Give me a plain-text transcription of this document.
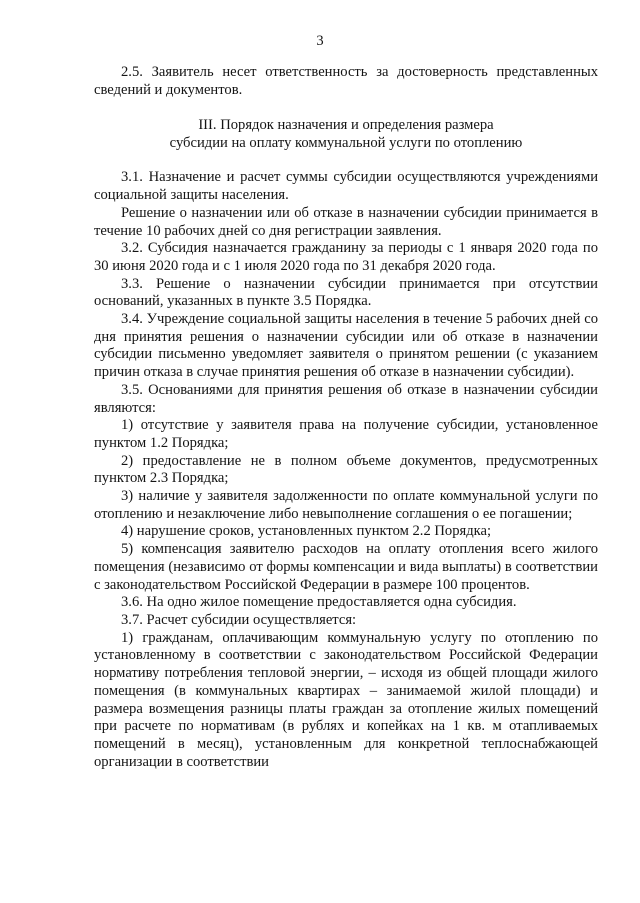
3

2.5. Заявитель несет ответственность за достоверность представленных сведений и документов.

III. Порядок назначения и определения размера
субсидии на оплату коммунальной услуги по отоплению

3.1. Назначение и расчет суммы субсидии осуществляются учреждениями социальной защиты населения.

Решение о назначении или об отказе в назначении субсидии принимается в течение 10 рабочих дней со дня регистрации заявления.

3.2. Субсидия назначается гражданину за периоды с 1 января 2020 года по 30 июня 2020 года и с 1 июля 2020 года по 31 декабря 2020 года.

3.3. Решение о назначении субсидии принимается при отсутствии оснований, указанных в пункте 3.5 Порядка.

3.4. Учреждение социальной защиты населения в течение 5 рабочих дней со дня принятия решения о назначении субсидии или об отказе в назначении субсидии письменно уведомляет заявителя о принятом решении (с указанием причин отказа в случае принятия решения об отказе в назначении субсидии).

3.5. Основаниями для принятия решения об отказе в назначении субсидии являются:

1) отсутствие у заявителя права на получение субсидии, установленное пунктом 1.2 Порядка;

2) предоставление не в полном объеме документов, предусмотренных пунктом 2.3 Порядка;

3) наличие у заявителя задолженности по оплате коммунальной услуги по отоплению и незаключение либо невыполнение соглашения о ее погашении;

4) нарушение сроков, установленных пунктом 2.2 Порядка;

5) компенсация заявителю расходов на оплату отопления всего жилого помещения (независимо от формы компенсации и вида выплаты) в соответствии с законодательством Российской Федерации в размере 100 процентов.

3.6. На одно жилое помещение предоставляется одна субсидия.

3.7. Расчет субсидии осуществляется:

1) гражданам, оплачивающим коммунальную услугу по отоплению по установленному в соответствии с законодательством Российской Федерации нормативу потребления тепловой энергии, – исходя из общей площади жилого помещения (в коммунальных квартирах – занимаемой жилой площади) и размера возмещения разницы платы граждан за отопление жилых помещений при расчете по нормативам (в рублях и копейках на 1 кв. м отапливаемых помещений в месяц), установленным для конкретной теплоснабжающей организации в соответствии
